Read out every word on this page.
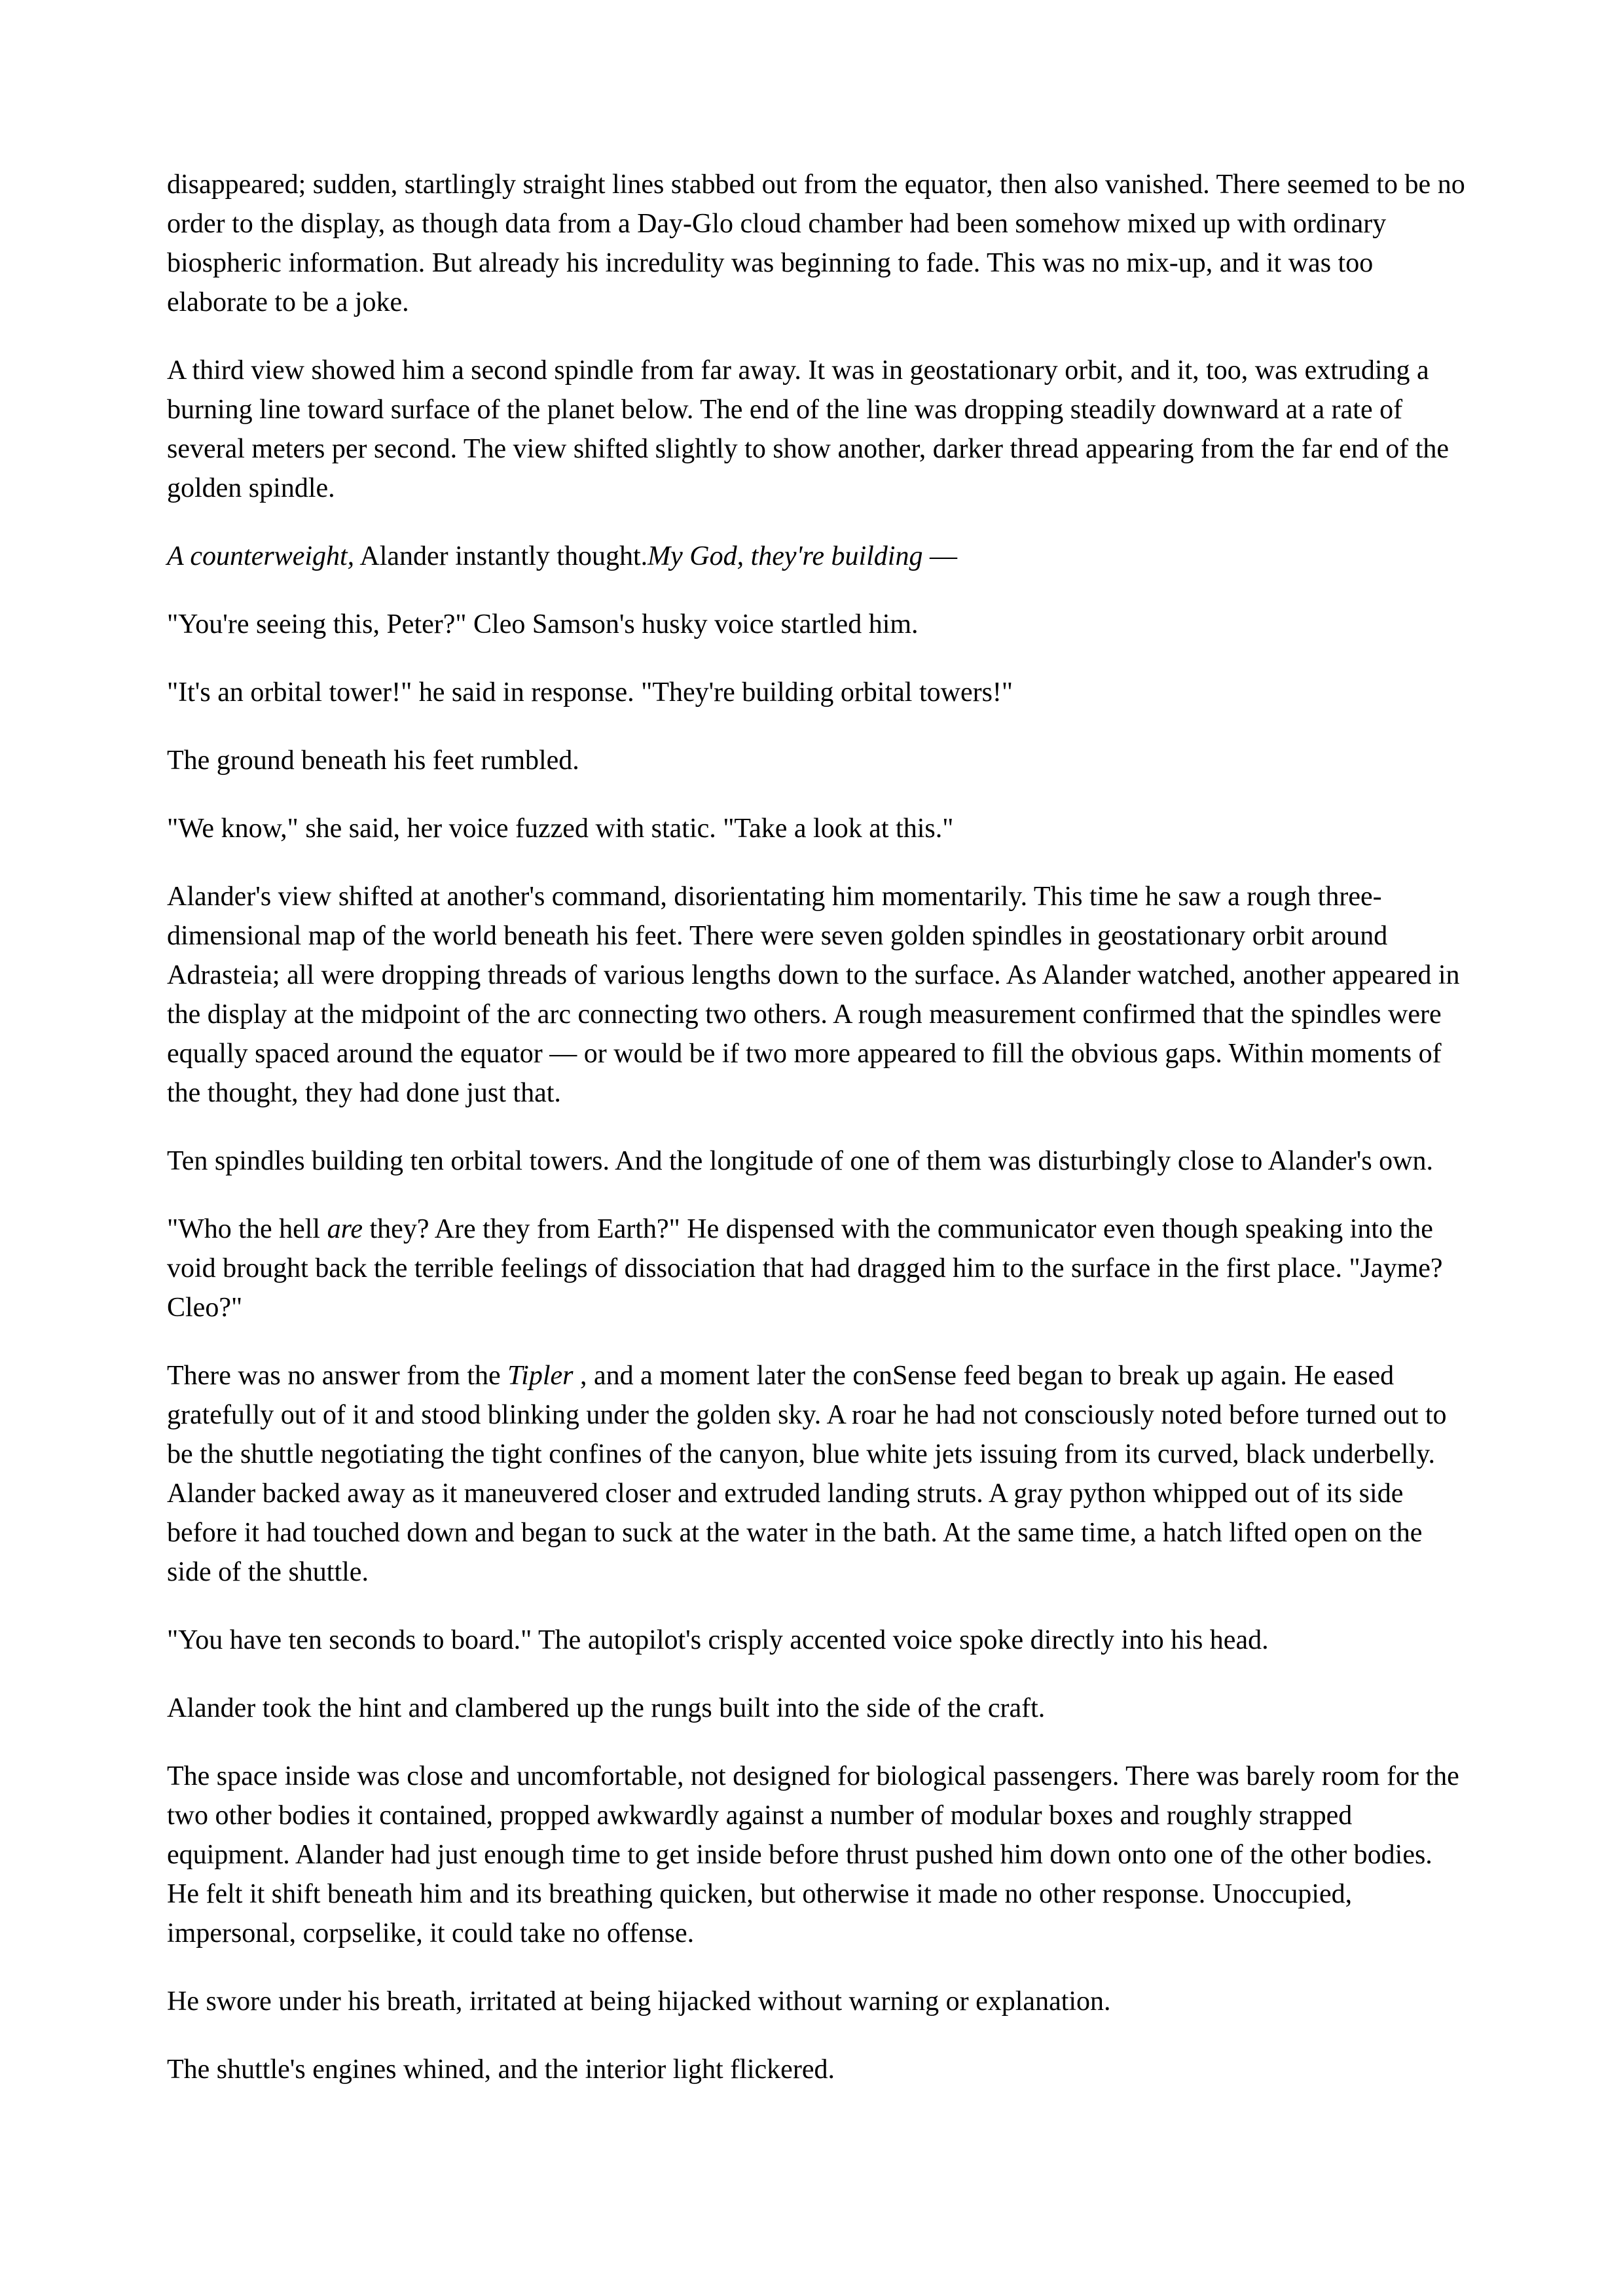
disappeared; sudden, startlingly straight lines stabbed out from the equator, then also vanished. There seemed to be no order to the display, as though data from a Day-Glo cloud chamber had been somehow mixed up with ordinary biospheric information. But already his incredulity was beginning to fade. This was no mix-up, and it was too elaborate to be a joke.

A third view showed him a second spindle from far away. It was in geostationary orbit, and it, too, was extruding a burning line toward surface of the planet below. The end of the line was dropping steadily downward at a rate of several meters per second. The view shifted slightly to show another, darker thread appearing from the far end of the golden spindle.

A counterweight, Alander instantly thought.My God, they're building —

"You're seeing this, Peter?" Cleo Samson's husky voice startled him.

"It's an orbital tower!" he said in response. "They're building orbital towers!"

The ground beneath his feet rumbled.

"We know," she said, her voice fuzzed with static. "Take a look at this."

Alander's view shifted at another's command, disorientating him momentarily. This time he saw a rough three-dimensional map of the world beneath his feet. There were seven golden spindles in geostationary orbit around Adrasteia; all were dropping threads of various lengths down to the surface. As Alander watched, another appeared in the display at the midpoint of the arc connecting two others. A rough measurement confirmed that the spindles were equally spaced around the equator — or would be if two more appeared to fill the obvious gaps. Within moments of the thought, they had done just that.

Ten spindles building ten orbital towers. And the longitude of one of them was disturbingly close to Alander's own.

"Who the hell are they? Are they from Earth?" He dispensed with the communicator even though speaking into the void brought back the terrible feelings of dissociation that had dragged him to the surface in the first place. "Jayme? Cleo?"

There was no answer from the Tipler , and a moment later the conSense feed began to break up again. He eased gratefully out of it and stood blinking under the golden sky. A roar he had not consciously noted before turned out to be the shuttle negotiating the tight confines of the canyon, blue white jets issuing from its curved, black underbelly. Alander backed away as it maneuvered closer and extruded landing struts. A gray python whipped out of its side before it had touched down and began to suck at the water in the bath. At the same time, a hatch lifted open on the side of the shuttle.

"You have ten seconds to board." The autopilot's crisply accented voice spoke directly into his head.

Alander took the hint and clambered up the rungs built into the side of the craft.

The space inside was close and uncomfortable, not designed for biological passengers. There was barely room for the two other bodies it contained, propped awkwardly against a number of modular boxes and roughly strapped equipment. Alander had just enough time to get inside before thrust pushed him down onto one of the other bodies. He felt it shift beneath him and its breathing quicken, but otherwise it made no other response. Unoccupied, impersonal, corpselike, it could take no offense.

He swore under his breath, irritated at being hijacked without warning or explanation.

The shuttle's engines whined, and the interior light flickered.
